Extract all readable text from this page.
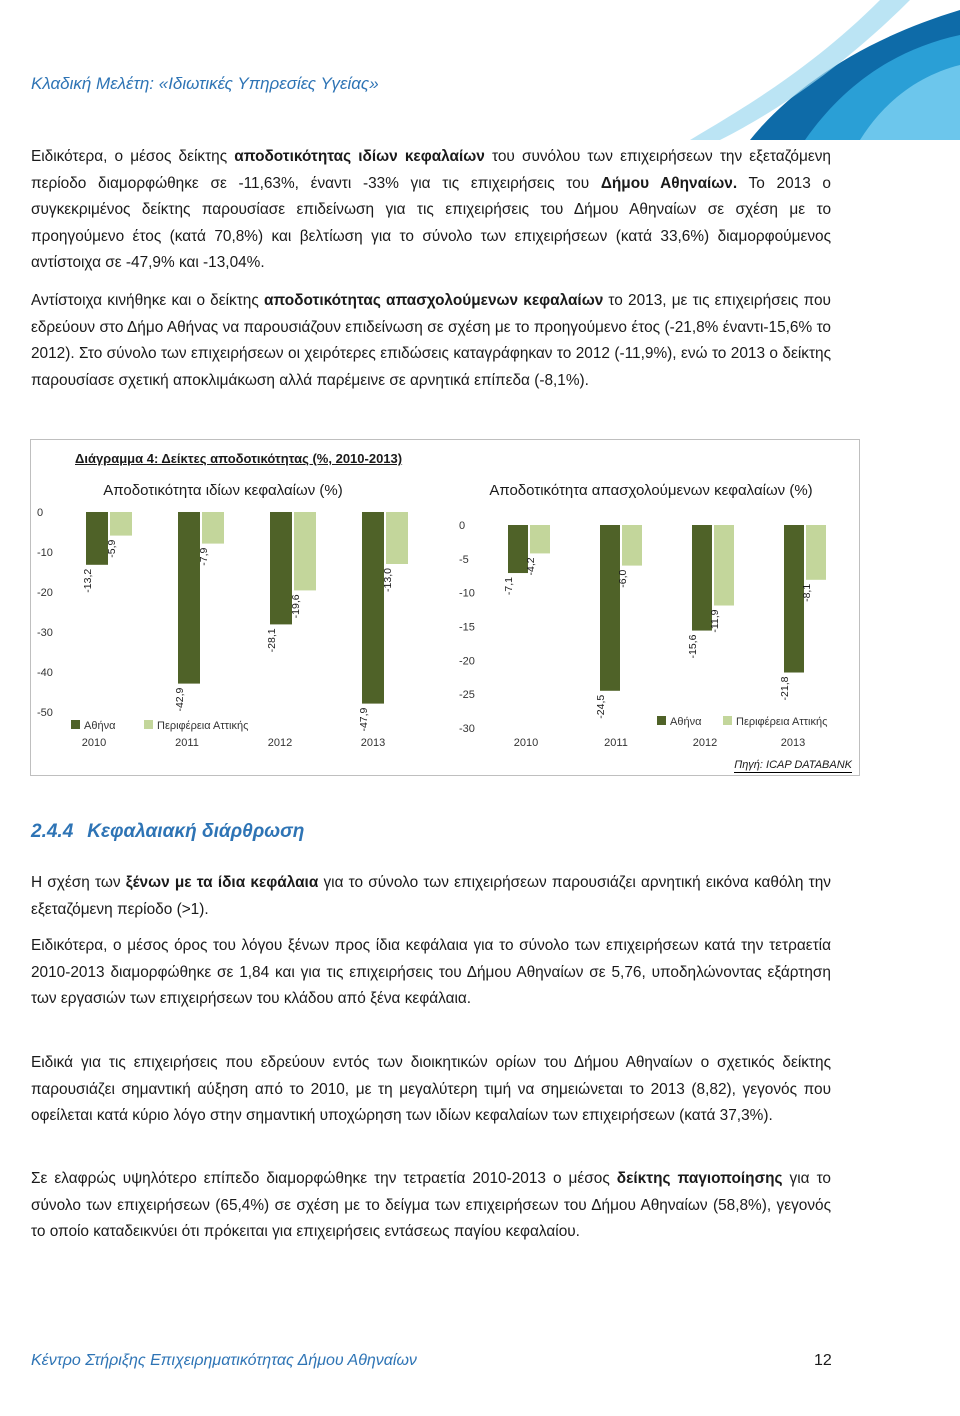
Κλαδική Μελέτη: «Ιδιωτικές Υπηρεσίες Υγείας»

Ειδικότερα, ο μέσος δείκτης αποδοτικότητας ιδίων κεφαλαίων του συνόλου των επιχειρήσεων την εξεταζόμενη περίοδο διαμορφώθηκε σε -11,63%, έναντι -33% για τις επιχειρήσεις του Δήμου Αθηναίων. Το 2013 ο συγκεκριμένος δείκτης παρουσίασε επιδείνωση για τις επιχειρήσεις του Δήμου Αθηναίων σε σχέση με το προηγούμενο έτος (κατά 70,8%) και βελτίωση για το σύνολο των επιχειρήσεων (κατά 33,6%) διαμορφούμενος αντίστοιχα σε -47,9% και -13,04%.

Αντίστοιχα κινήθηκε και ο δείκτης αποδοτικότητας απασχολούμενων κεφαλαίων το 2013, με τις επιχειρήσεις που εδρεύουν στο Δήμο Αθήνας να παρουσιάζουν επιδείνωση σε σχέση με το προηγούμενο έτος (-21,8% έναντι-15,6% το 2012). Στο σύνολο των επιχειρήσεων οι χειρότερες επιδώσεις καταγράφηκαν το 2012 (-11,9%), ενώ το 2013 ο δείκτης παρουσίασε σχετική αποκλιμάκωση αλλά παρέμεινε σε αρνητικά επίπεδα (-8,1%).

Διάγραμμα 4: Δείκτες αποδοτικότητας (%, 2010-2013)
Αποδοτικότητα ιδίων κεφαλαίων (%)
0
-10
-20
-30
-40
-50
-13,2
-5,9
2010
-42,9
-7,9
2011
-28,1
-19,6
2012
-47,9
-13,0
2013
Αθήνα	Περιφέρεια Αττικής
Αποδοτικότητα απασχολούμενων κεφαλαίων (%)
0
-5
-10
-15
-20
-25
-30
-7,1
-4,2
2010
-24,5
-6,0
2011
-15,6
-11,9
2012
-21,8
-8,1
2013
Αθήνα	Περιφέρεια Αττικής
Πηγή: ICAP DATABANK
2.4.4 Κεφαλαιακή διάρθρωση

Η σχέση των ξένων με τα ίδια κεφάλαια για το σύνολο των επιχειρήσεων παρουσιάζει αρνητική εικόνα καθόλη την εξεταζόμενη περίοδο (>1).

Ειδικότερα, ο μέσος όρος του λόγου ξένων προς ίδια κεφάλαια για το σύνολο των επιχειρήσεων κατά την τετραετία 2010-2013 διαμορφώθηκε σε 1,84 και για τις επιχειρήσεις του Δήμου Αθηναίων σε 5,76, υποδηλώνοντας εξάρτηση των εργασιών των επιχειρήσεων του κλάδου από ξένα κεφάλαια.

Ειδικά για τις επιχειρήσεις που εδρεύουν εντός των διοικητικών ορίων του Δήμου Αθηναίων ο σχετικός δείκτης παρουσιάζει σημαντική αύξηση από το 2010, με τη μεγαλύτερη τιμή να σημειώνεται το 2013 (8,82), γεγονός που οφείλεται κατά κύριο λόγο στην σημαντική υποχώρηση των ιδίων κεφαλαίων των επιχειρήσεων (κατά 37,3%).

Σε ελαφρώς υψηλότερο επίπεδο διαμορφώθηκε την τετραετία 2010-2013 ο μέσος δείκτης παγιοποίησης για το σύνολο των επιχειρήσεων (65,4%) σε σχέση με το δείγμα των επιχειρήσεων του Δήμου Αθηναίων (58,8%), γεγονός το οποίο καταδεικνύει ότι πρόκειται για επιχειρήσεις εντάσεως παγίου κεφαλαίου.

Κέντρο Στήριξης Επιχειρηματικότητας Δήμου Αθηναίων	12
